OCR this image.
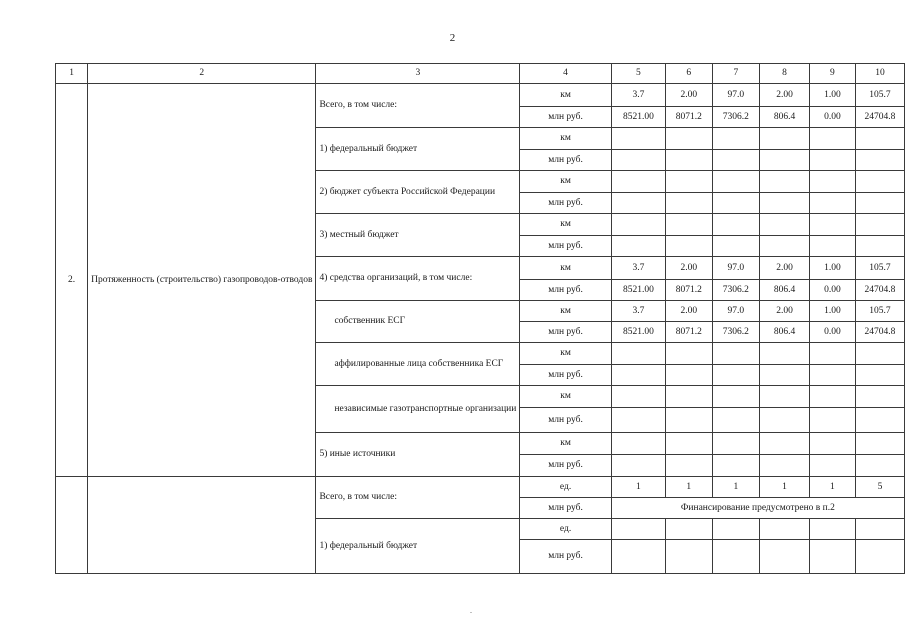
2
1	2	3	4	5	6	7	8	9	10
2.	Протяженность (строительство) газопроводов-отводов	Всего, в том числе:	км	3.7	2.00	97.0	2.00	1.00	105.7
			млн руб.	8521.00	8071.2	7306.2	806.4	0.00	24704.8
		1) федеральный бюджет	км						
			млн руб.						
		2) бюджет субъекта Российской Федерации	км						
			млн руб.						
		3) местный бюджет	км						
			млн руб.						
		4) средства организаций, в том числе:	км	3.7	2.00	97.0	2.00	1.00	105.7
			млн руб.	8521.00	8071.2	7306.2	806.4	0.00	24704.8
		собственник ЕСГ	км	3.7	2.00	97.0	2.00	1.00	105.7
			млн руб.	8521.00	8071.2	7306.2	806.4	0.00	24704.8
		аффилированные лица собственника ЕСГ	км						
			млн руб.						
		независимые газотранспортные организации	км						
			млн руб.						
		5) иные источники	км						
			млн руб.						
		Всего, в том числе:	ед.	1	1	1	1	1	5
			млн руб.	Финансирование предусмотрено в п.2					
		1) федеральный бюджет	ед.						
			млн руб.						
